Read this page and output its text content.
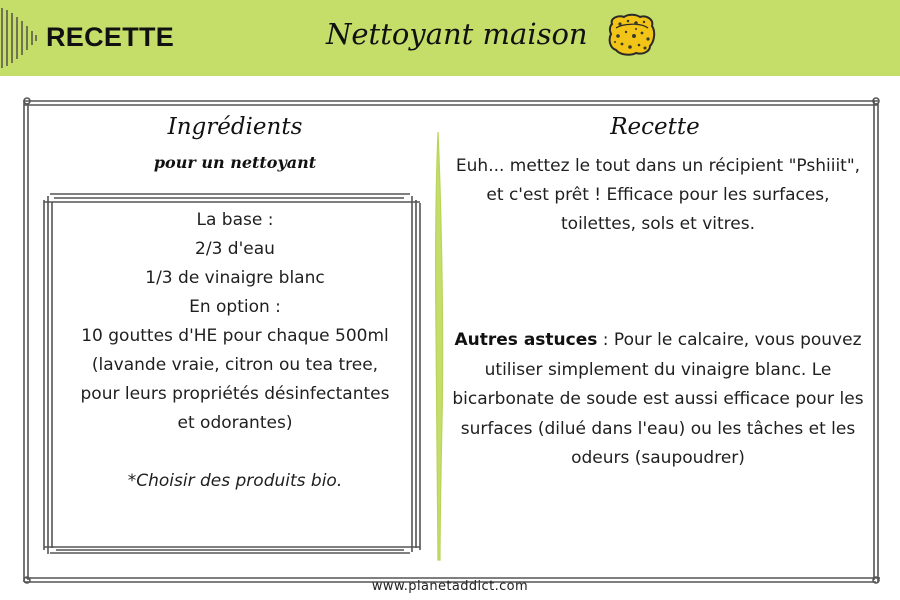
RECETTE	Nettoyant maison
Ingrédients
pour un nettoyant
La base :
2/3 d'eau
1/3 de vinaigre blanc
En option :
10 gouttes d'HE pour chaque 500ml
(lavande vraie, citron ou tea tree,
pour leurs propriétés désinfectantes
et odorantes)

*Choisir des produits bio.
Recette
Euh... mettez le tout dans un récipient "Pshiiit", et c'est prêt ! Efficace pour les surfaces, toilettes, sols et vitres.
Autres astuces : Pour le calcaire, vous pouvez utiliser simplement du vinaigre blanc. Le bicarbonate de soude est aussi efficace pour les surfaces (dilué dans l'eau) ou les tâches et les odeurs (saupoudrer)
www.planetaddict.com
